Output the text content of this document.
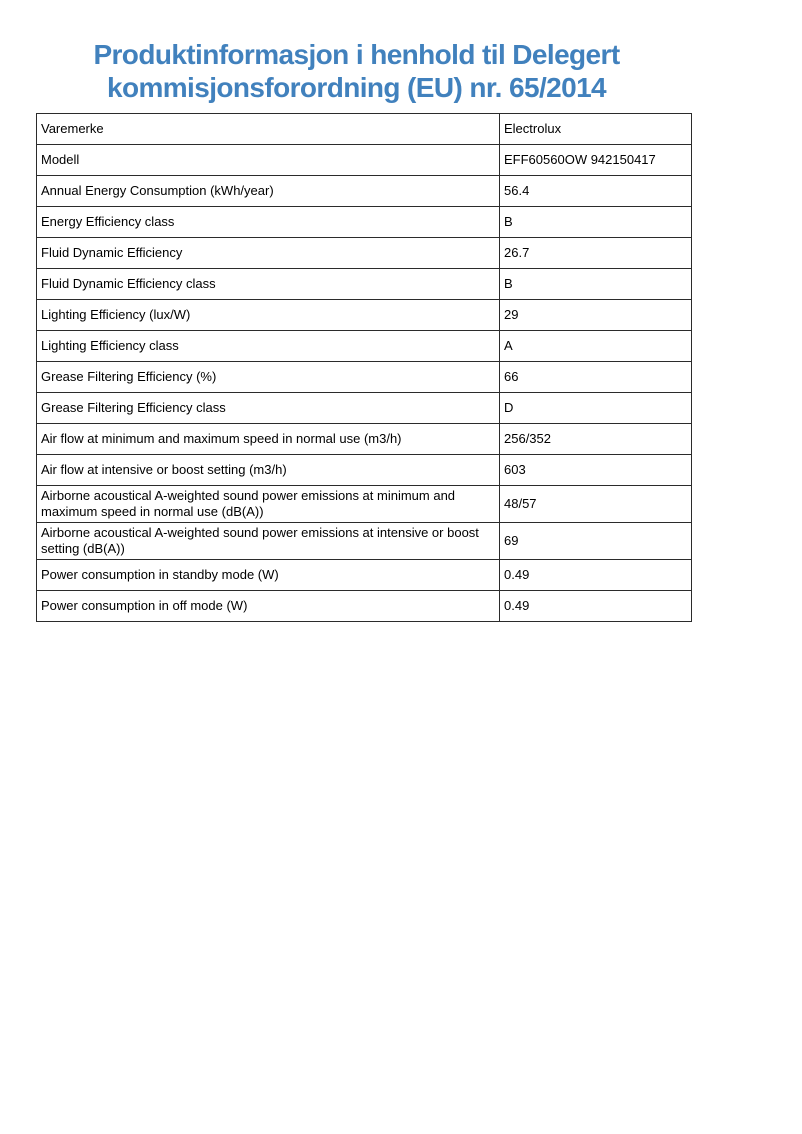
Produktinformasjon i henhold til Delegert
kommisjonsforordning (EU) nr. 65/2014
Varemerke	Electrolux
Modell	EFF60560OW 942150417
Annual Energy Consumption (kWh/year)	56.4
Energy Efficiency class	B
Fluid Dynamic Efficiency	26.7
Fluid Dynamic Efficiency class	B
Lighting Efficiency (lux/W)	29
Lighting Efficiency class	A
Grease Filtering Efficiency (%)	66
Grease Filtering Efficiency class	D
Air flow at minimum and maximum speed in normal use (m3/h)	256/352
Air flow at intensive or boost setting (m3/h)	603
Airborne acoustical A-weighted sound power emissions at minimum and maximum speed in normal use (dB(A))	48/57
Airborne acoustical A-weighted sound power emissions at intensive or boost setting (dB(A))	69
Power consumption in standby mode (W)	0.49
Power consumption in off mode (W)	0.49
